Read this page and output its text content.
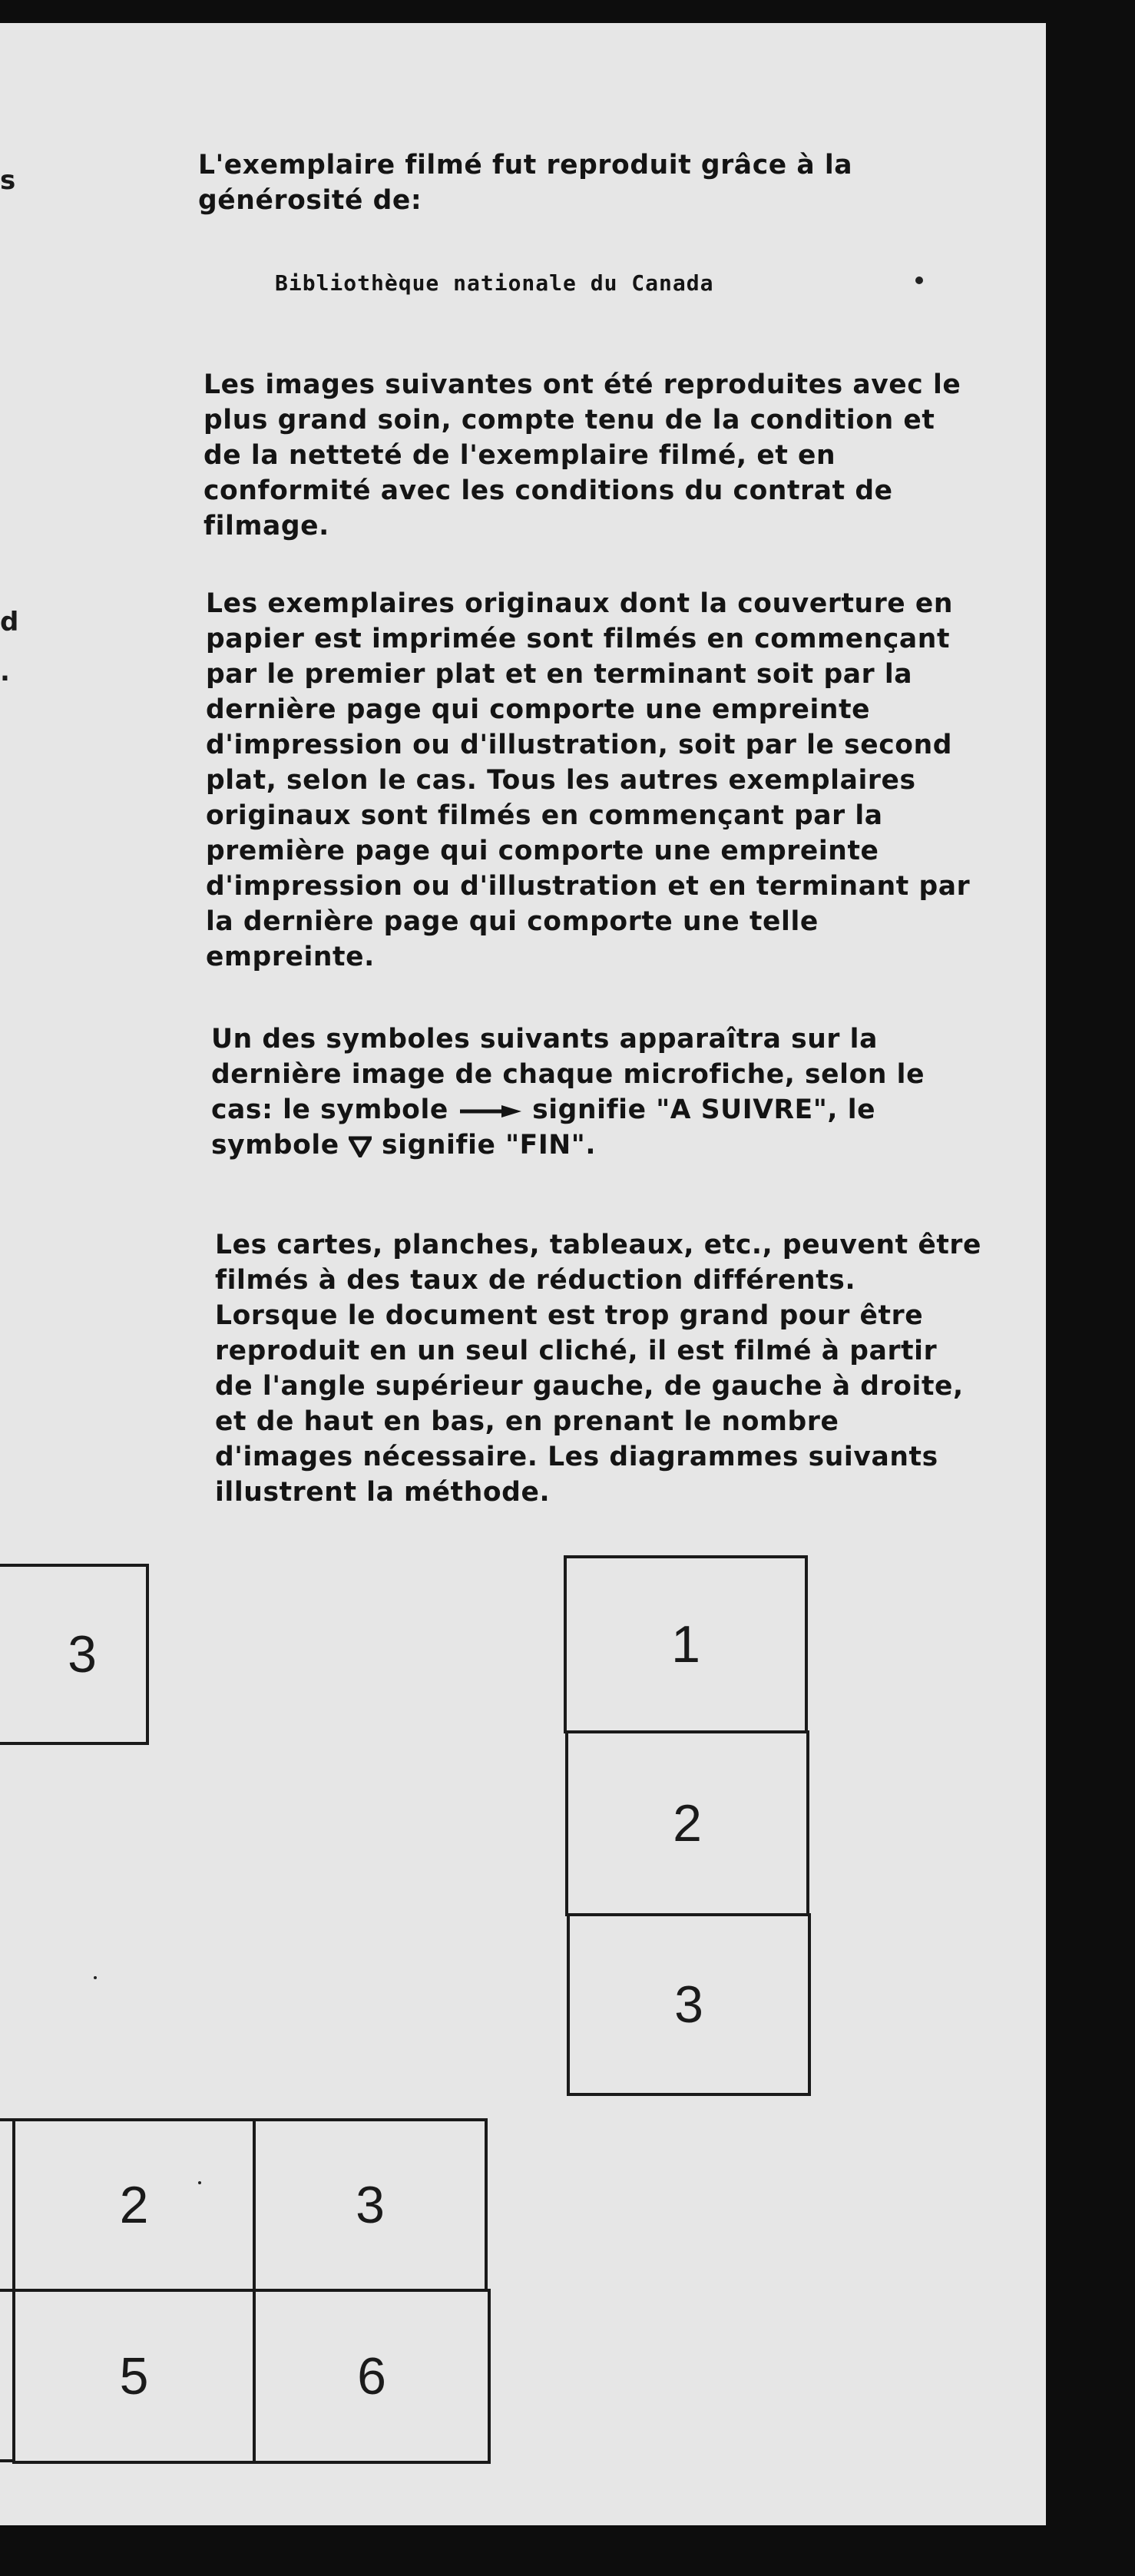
s
d
.
L'exemplaire filmé fut reproduit grâce à la
générosité de:
Bibliothèque nationale du Canada
Les images suivantes ont été reproduites avec le
plus grand soin, compte tenu de la condition et
de la netteté de l'exemplaire filmé, et en
conformité avec les conditions du contrat de
filmage.
Les exemplaires originaux dont la couverture en
papier est imprimée sont filmés en commençant
par le premier plat et en terminant soit par la
dernière page qui comporte une empreinte
d'impression ou d'illustration, soit par le second
plat, selon le cas. Tous les autres exemplaires
originaux sont filmés en commençant par la
première page qui comporte une empreinte
d'impression ou d'illustration et en terminant par
la dernière page qui comporte une telle
empreinte.
Un des symboles suivants apparaîtra sur la
dernière image de chaque microfiche, selon le
cas: le symbole  signifie "A SUIVRE", le
symbole  signifie "FIN".
Les cartes, planches, tableaux, etc., peuvent être
filmés à des taux de réduction différents.
Lorsque le document est trop grand pour être
reproduit en un seul cliché, il est filmé à partir
de l'angle supérieur gauche, de gauche à droite,
et de haut en bas, en prenant le nombre
d'images nécessaire. Les diagrammes suivants
illustrent la méthode.
3	1
2
3
2	3
5	6
